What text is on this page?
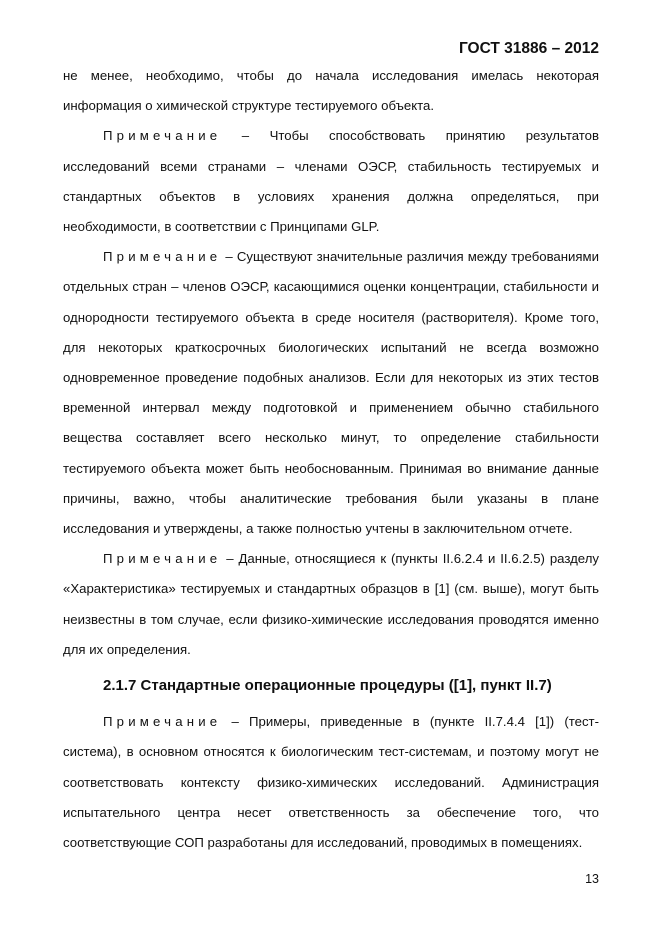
ГОСТ 31886 – 2012

не менее, необходимо, чтобы до начала исследования имелась некоторая информация о химической структуре тестируемого объекта.

Примечание – Чтобы способствовать принятию результатов исследований всеми странами – членами ОЭСР, стабильность тестируемых и стандартных объектов в условиях хранения должна определяться, при необходимости, в соответствии с Принципами GLP.

Примечание – Существуют значительные различия между требованиями отдельных стран – членов ОЭСР, касающимися оценки концентрации, стабильности и однородности тестируемого объекта в среде носителя (растворителя). Кроме того, для некоторых краткосрочных биологических испытаний не всегда возможно одновременное проведение подобных анализов. Если для некоторых из этих тестов временной интервал между подготовкой и применением обычно стабильного вещества составляет всего несколько минут, то определение стабильности тестируемого объекта может быть необоснованным. Принимая во внимание данные причины, важно, чтобы аналитические требования были указаны в плане исследования и утверждены, а также полностью учтены в заключительном отчете.

Примечание – Данные, относящиеся к (пункты II.6.2.4 и II.6.2.5) разделу «Характеристика» тестируемых и стандартных образцов в [1] (см. выше), могут быть неизвестны в том случае, если физико-химические исследования проводятся именно для их определения.

2.1.7 Стандартные операционные процедуры ([1], пункт II.7)

Примечание – Примеры, приведенные в (пункте II.7.4.4 [1]) (тест-система), в основном относятся к биологическим тест-системам, и поэтому могут не соответствовать контексту физико-химических исследований. Администрация испытательного центра несет ответственность за обеспечение того, что соответствующие СОП разработаны для исследований, проводимых в помещениях.

13
